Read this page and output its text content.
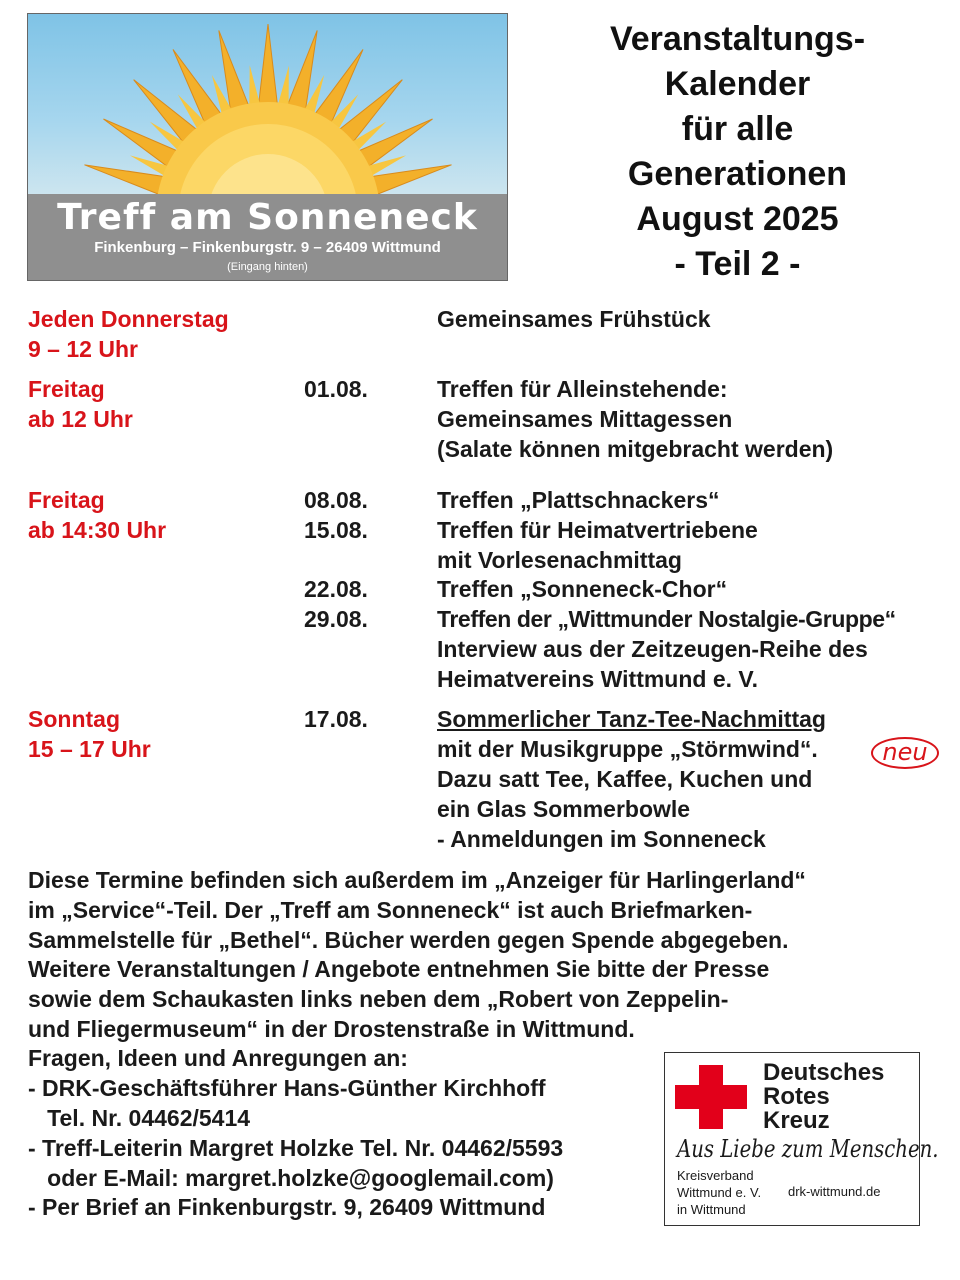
Treff am Sonneneck
Finkenburg – Finkenburgstr. 9 – 26409 Wittmund
(Eingang hinten)
Veranstaltungs-
Kalender
für alle
Generationen
August 2025
- Teil 2 -
Jeden Donnerstag
9 – 12 Uhr
Gemeinsames Frühstück
Freitag
ab 12 Uhr
01.08.	Treffen für Alleinstehende:
Gemeinsames Mittagessen
(Salate können mitgebracht werden)
Freitag
ab 14:30 Uhr
08.08.	Treffen „Plattschnackers“
15.08.	Treffen für Heimatvertriebene
mit Vorlesenachmittag
22.08.	Treffen „Sonneneck-Chor“
29.08.	Treffen der „Wittmunder Nostalgie-Gruppe“
Interview aus der Zeitzeugen-Reihe des
Heimatvereins Wittmund e. V.
Sonntag
15 – 17 Uhr
17.08.	Sommerlicher Tanz-Tee-Nachmittag
mit der Musikgruppe „Störmwind“.
Dazu satt Tee, Kaffee, Kuchen und
ein Glas Sommerbowle
- Anmeldungen im Sonneneck
neu
Diese Termine befinden sich außerdem im „Anzeiger für Harlingerland“
im „Service“-Teil. Der „Treff am Sonneneck“ ist auch Briefmarken-
Sammelstelle für „Bethel“. Bücher werden gegen Spende abgegeben.
Weitere Veranstaltungen / Angebote entnehmen Sie bitte der Presse
sowie dem Schaukasten links neben dem „Robert von Zeppelin-
und Fliegermuseum“ in der Drostenstraße in Wittmund.
Fragen, Ideen und Anregungen an:
- DRK-Geschäftsführer Hans-Günther Kirchhoff
Tel. Nr. 04462/5414
- Treff-Leiterin Margret Holzke Tel. Nr. 04462/5593
oder E-Mail: margret.holzke@googlemail.com)
- Per Brief an Finkenburgstr. 9, 26409 Wittmund
Deutsches
Rotes
Kreuz
Aus Liebe zum Menschen.
Kreisverband
Wittmund e. V.
in Wittmund
drk-wittmund.de
